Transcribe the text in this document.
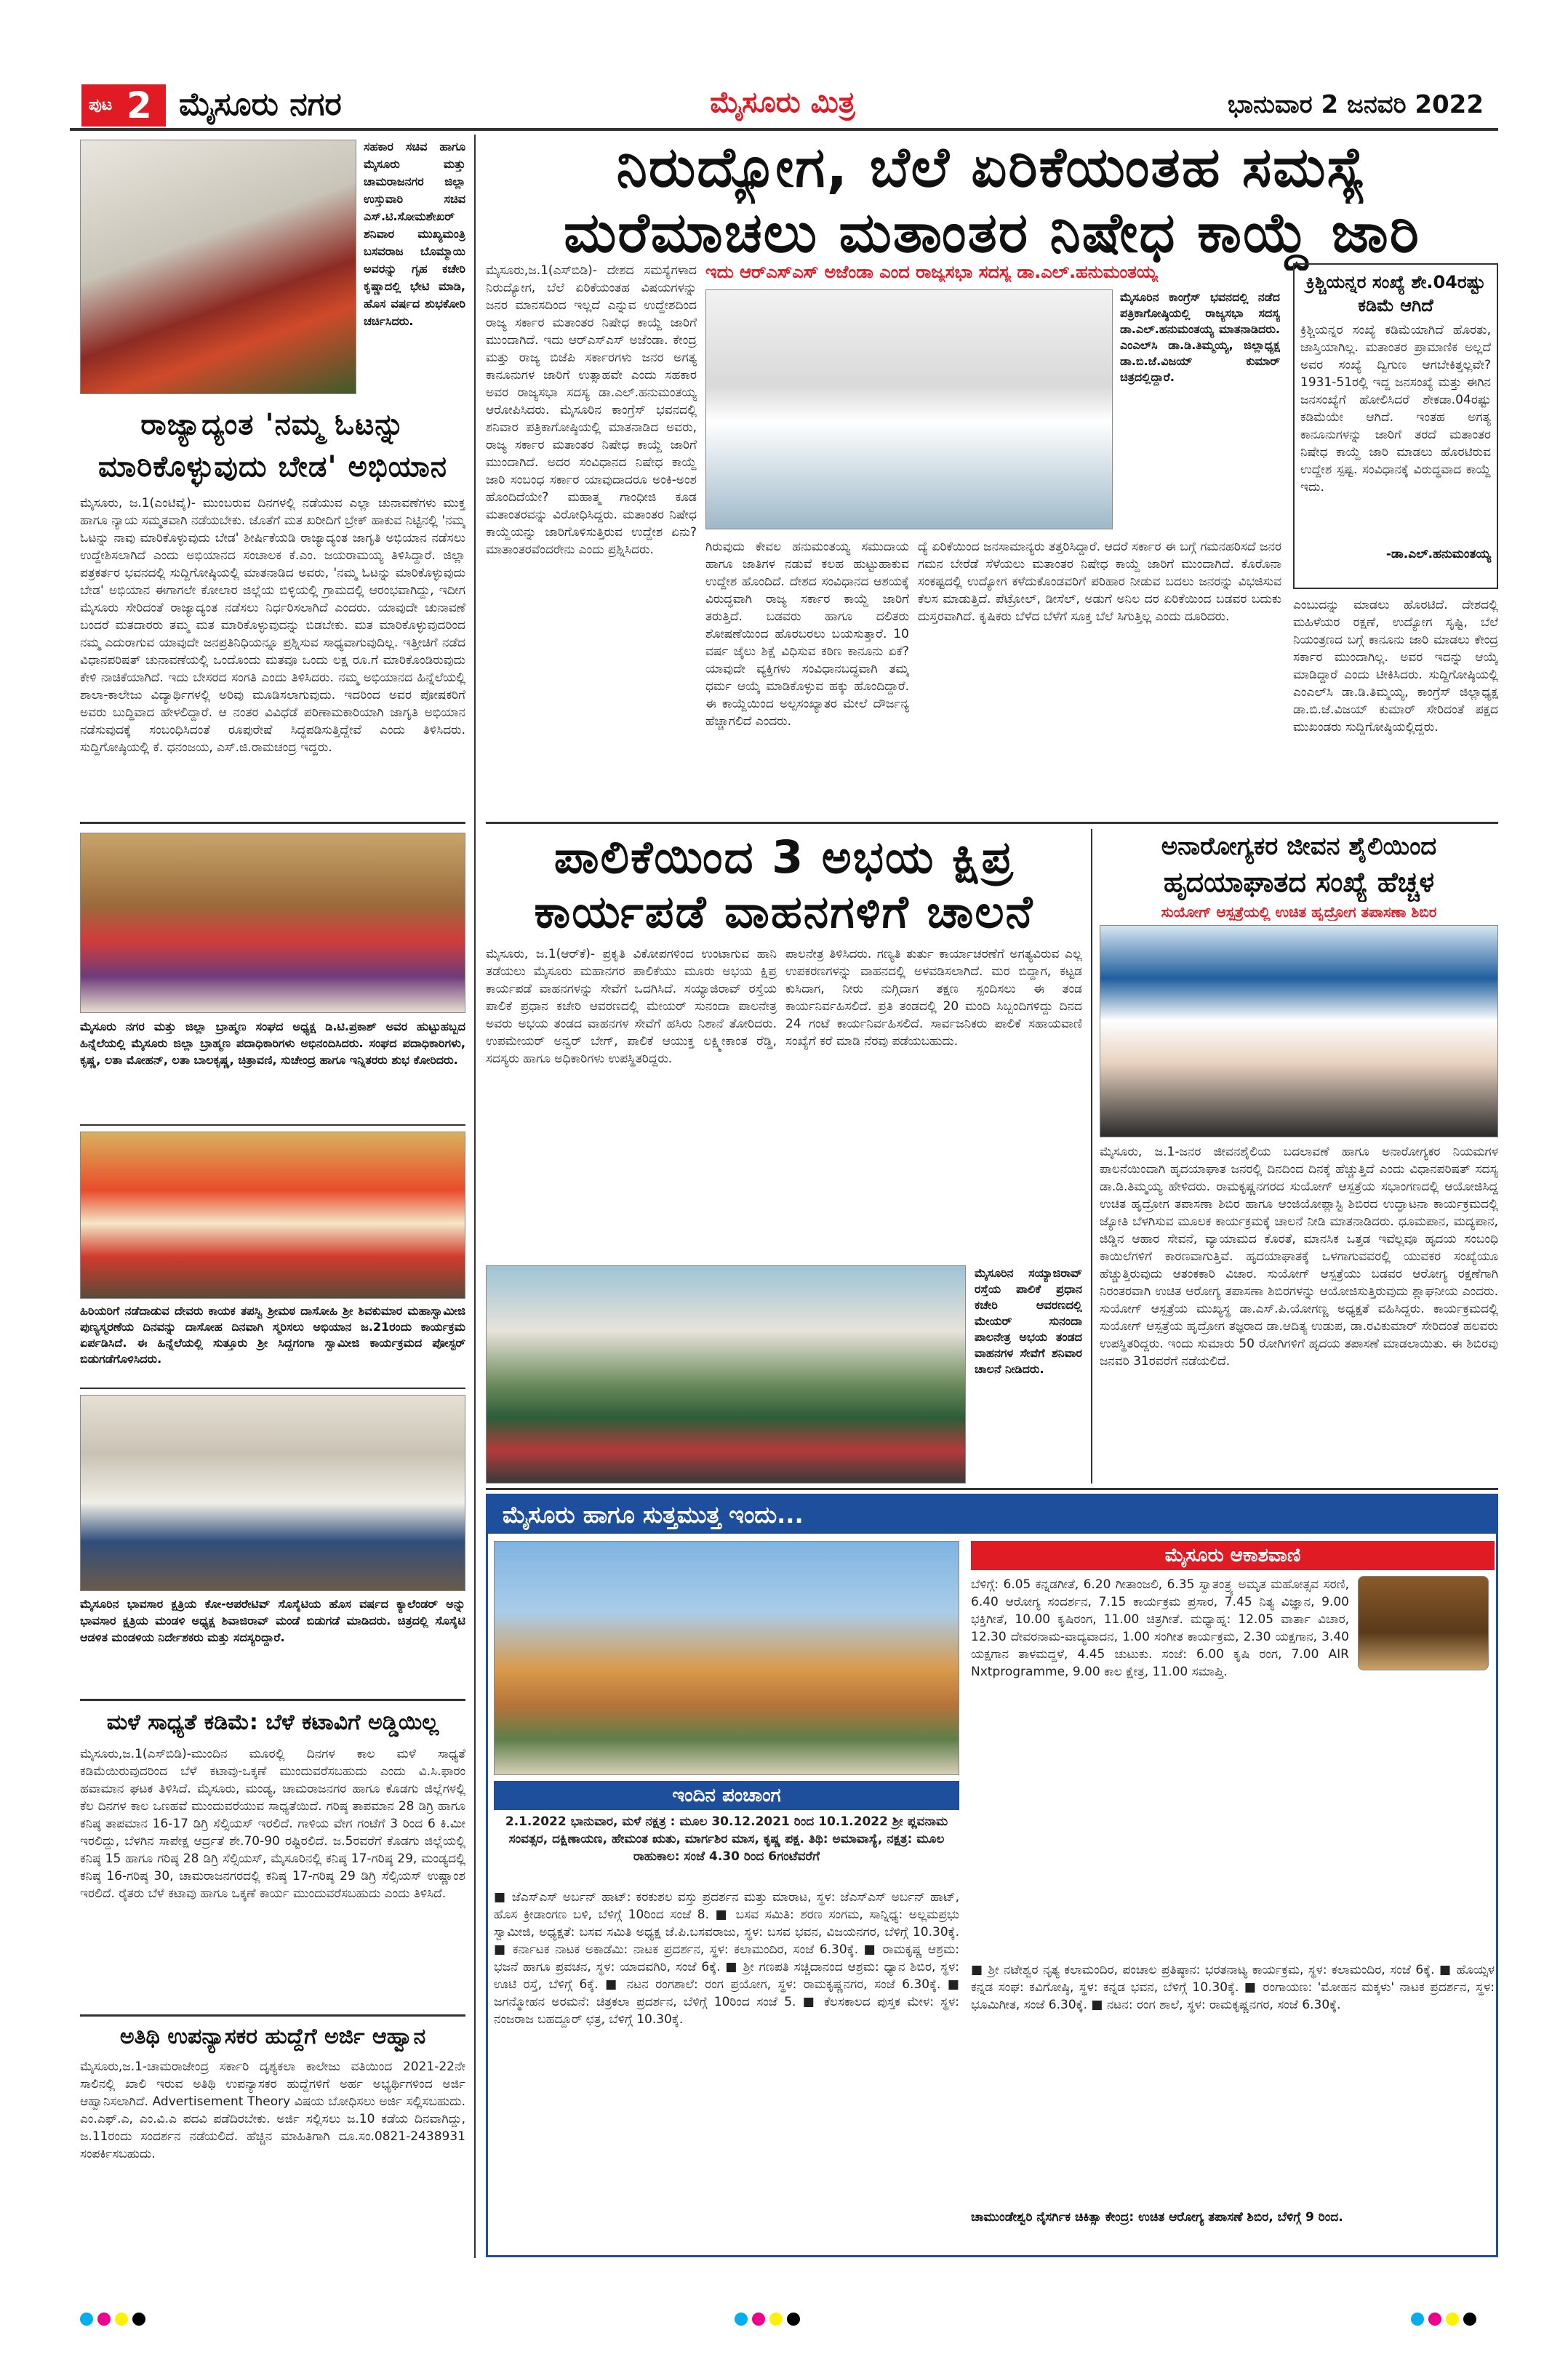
ಪುಟ 2 ಮೈಸೂರು ನಗರ	ಮೈಸೂರು ಮಿತ್ರ	ಭಾನುವಾರ 2 ಜನವರಿ 2022
ಸಹಕಾರ ಸಚಿವ ಹಾಗೂ ಮೈಸೂರು ಮತ್ತು ಚಾಮರಾಜನಗರ ಜಿಲ್ಲಾ ಉಸ್ತುವಾರಿ ಸಚಿವ ಎಸ್.ಟಿ.ಸೋಮಶೇಖರ್ ಶನಿವಾರ ಮುಖ್ಯಮಂತ್ರಿ ಬಸವರಾಜ ಬೊಮ್ಮಾಯಿ ಅವರನ್ನು ಗೃಹ ಕಚೇರಿ ಕೃಷ್ಣಾದಲ್ಲಿ ಭೇಟಿ ಮಾಡಿ, ಹೊಸ ವರ್ಷದ ಶುಭಕೋರಿ ಚರ್ಚಿಸಿದರು.
ರಾಜ್ಯಾದ್ಯಂತ 'ನಮ್ಮ ಓಟನ್ನು ಮಾರಿಕೊಳ್ಳುವುದು ಬೇಡ' ಅಭಿಯಾನ
ಮೈಸೂರು, ಜ.1(ಎಂಟಿವೈ)- ಮುಂಬರುವ ದಿನಗಳಲ್ಲಿ ನಡೆಯುವ ಎಲ್ಲಾ ಚುನಾವಣೆಗಳು ಮುಕ್ತ ಹಾಗೂ ನ್ಯಾಯ ಸಮ್ಮತವಾಗಿ ನಡೆಯಬೇಕು. ಜೊತೆಗೆ ಮತ ಖರೀದಿಗೆ ಬ್ರೇಕ್ ಹಾಕುವ ನಿಟ್ಟಿನಲ್ಲಿ 'ನಮ್ಮ ಓಟನ್ನು ನಾವು ಮಾರಿಕೊಳ್ಳುವುದು ಬೇಡ' ಶೀರ್ಷಿಕೆಯಡಿ ರಾಜ್ಯಾದ್ಯಂತ ಜಾಗೃತಿ ಅಭಿಯಾನ ನಡೆಸಲು ಉದ್ದೇಶಿಸಲಾಗಿದೆ ಎಂದು ಅಭಿಯಾನದ ಸಂಚಾಲಕ ಕೆ.ಎಂ. ಜಯರಾಮಯ್ಯ ತಿಳಿಸಿದ್ದಾರೆ. ಜಿಲ್ಲಾ ಪತ್ರಕರ್ತರ ಭವನದಲ್ಲಿ ಸುದ್ದಿಗೋಷ್ಠಿಯಲ್ಲಿ ಮಾತನಾಡಿದ ಅವರು, 'ನಮ್ಮ ಓಟನ್ನು ಮಾರಿಕೊಳ್ಳುವುದು ಬೇಡ' ಅಭಿಯಾನ ಈಗಾಗಲೇ ಕೋಲಾರ ಜಿಲ್ಲೆಯ ಬಿಳ್ಳಿಯಲ್ಲಿ ಗ್ರಾಮದಲ್ಲಿ ಆರಂಭವಾಗಿದ್ದು, ಇದೀಗ ಮೈಸೂರು ಸೇರಿದಂತೆ ರಾಜ್ಯಾದ್ಯಂತ ನಡೆಸಲು ನಿರ್ಧರಿಸಲಾಗಿದೆ ಎಂದರು. ಯಾವುದೇ ಚುನಾವಣೆ ಬಂದರೆ ಮತದಾರರು ತಮ್ಮ ಮತ ಮಾರಿಕೊಳ್ಳುವುದನ್ನು ಬಿಡಬೇಕು. ಮತ ಮಾರಿಕೊಳ್ಳುವುದರಿಂದ ನಮ್ಮ ಎದುರಾಗುವ ಯಾವುದೇ ಜನಪ್ರತಿನಿಧಿಯನ್ನೂ ಪ್ರಶ್ನಿಸುವ ಸಾಧ್ಯವಾಗುವುದಿಲ್ಲ. ಇತ್ತೀಚಿಗೆ ನಡೆದ ವಿಧಾನಪರಿಷತ್ ಚುನಾವಣೆಯಲ್ಲಿ ಒಂದೊಂದು ಮತವೂ ಒಂದು ಲಕ್ಷ ರೂ.ಗೆ ಮಾರಿಕೊಂಡಿರುವುದು ಕೇಳಿ ನಾಚಿಕೆಯಾಗಿದೆ. ಇದು ಬೇಸರದ ಸಂಗತಿ ಎಂದು ತಿಳಿಸಿದರು. ನಮ್ಮ ಅಭಿಯಾನದ ಹಿನ್ನೆಲೆಯಲ್ಲಿ ಶಾಲಾ-ಕಾಲೇಜು ವಿದ್ಯಾರ್ಥಿಗಳಲ್ಲಿ ಅರಿವು ಮೂಡಿಸಲಾಗುವುದು. ಇದರಿಂದ ಅವರ ಪೋಷಕರಿಗೆ ಅವರು ಬುದ್ಧಿವಾದ ಹೇಳಲಿದ್ದಾರೆ. ಆ ನಂತರ ವಿವಿಧೆಡೆ ಪರಿಣಾಮಕಾರಿಯಾಗಿ ಜಾಗೃತಿ ಅಭಿಯಾನ ನಡೆಸುವುದಕ್ಕೆ ಸಂಬಂಧಿಸಿದಂತೆ ರೂಪುರೇಷೆ ಸಿದ್ಧಪಡಿಸುತ್ತಿದ್ದೇವೆ ಎಂದು ತಿಳಿಸಿದರು. ಸುದ್ದಿಗೋಷ್ಠಿಯಲ್ಲಿ ಕೆ. ಧನಂಜಯ, ಎಸ್.ಜಿ.ರಾಮಚಂದ್ರ ಇದ್ದರು.
ನಿರುದ್ಯೋಗ, ಬೆಲೆ ಏರಿಕೆಯಂತಹ ಸಮಸ್ಯೆ
ಮರೆಮಾಚಲು ಮತಾಂತರ ನಿಷೇಧ ಕಾಯ್ದೆ ಜಾರಿ
ಇದು ಆರ್‌ಎಸ್‌ಎಸ್ ಅಜೆಂಡಾ ಎಂದ ರಾಜ್ಯಸಭಾ ಸದಸ್ಯ ಡಾ.ಎಲ್.ಹನುಮಂತಯ್ಯ
ಮೈಸೂರು,ಜ.1(ಎಸ್‌ಬಿಡಿ)- ದೇಶದ ಸಮಸ್ಯೆಗಳಾದ ನಿರುದ್ಯೋಗ, ಬೆಲೆ ಏರಿಕೆಯಂತಹ ವಿಷಯಗಳನ್ನು ಜನರ ಮಾನಸದಿಂದ ಇಲ್ಲದೆ ಎನ್ನುವ ಉದ್ದೇಶದಿಂದ ರಾಜ್ಯ ಸರ್ಕಾರ ಮತಾಂತರ ನಿಷೇಧ ಕಾಯ್ದೆ ಜಾರಿಗೆ ಮುಂದಾಗಿದೆ. ಇದು ಆರ್‌ಎಸ್‌ಎಸ್ ಅಜೆಂಡಾ. ಕೇಂದ್ರ ಮತ್ತು ರಾಜ್ಯ ಬಿಜೆಪಿ ಸರ್ಕಾರಗಳು ಜನರ ಅಗತ್ಯ ಕಾನೂನುಗಳ ಜಾರಿಗೆ ಉತ್ಸಾಹವೇ ಎಂದು ಸಹಕಾರ ಅವರ ರಾಜ್ಯಸಭಾ ಸದಸ್ಯ ಡಾ.ಎಲ್.ಹನುಮಂತಯ್ಯ ಆರೋಪಿಸಿದರು. ಮೈಸೂರಿನ ಕಾಂಗ್ರೆಸ್ ಭವನದಲ್ಲಿ ಶನಿವಾರ ಪತ್ರಿಕಾಗೋಷ್ಠಿಯಲ್ಲಿ ಮಾತನಾಡಿದ ಅವರು, ರಾಜ್ಯ ಸರ್ಕಾರ ಮತಾಂತರ ನಿಷೇಧ ಕಾಯ್ದೆ ಜಾರಿಗೆ ಮುಂದಾಗಿದೆ. ಅದರ ಸಂವಿಧಾನದ ನಿಷೇಧ ಕಾಯ್ದೆ ಜಾರಿ ಸಂಬಂಧ ಸರ್ಕಾರ ಯಾವುದಾದರೂ ಅಂಕಿ-ಅಂಶ ಹೊಂದಿದೆಯೇ? ಮಹಾತ್ಮ ಗಾಂಧೀಜಿ ಕೂಡ ಮತಾಂತರವನ್ನು ವಿರೋಧಿಸಿದ್ದರು. ಮತಾಂತರ ನಿಷೇಧ ಕಾಯ್ದೆಯನ್ನು ಜಾರಿಗೊಳಿಸುತ್ತಿರುವ ಉದ್ದೇಶ ಏನು? ಮಾತಾಂತರವೆಂದರೇನು ಎಂದು ಪ್ರಶ್ನಿಸಿದರು.
ಮೈಸೂರಿನ ಕಾಂಗ್ರೆಸ್ ಭವನದಲ್ಲಿ ನಡೆದ ಪತ್ರಿಕಾಗೋಷ್ಠಿಯಲ್ಲಿ ರಾಜ್ಯಸಭಾ ಸದಸ್ಯ ಡಾ.ಎಲ್.ಹನುಮಂತಯ್ಯ ಮಾತನಾಡಿದರು. ಎಂಎಲ್‌ಸಿ ಡಾ.ಡಿ.ತಿಮ್ಮಯ್ಯ, ಜಿಲ್ಲಾಧ್ಯಕ್ಷ ಡಾ.ಬಿ.ಜೆ.ವಿಜಯ್ ಕುಮಾರ್ ಚಿತ್ರದಲ್ಲಿದ್ದಾರೆ.
ಗಿರುವುದು ಕೇವಲ ಹನುಮಂತಯ್ಯ ಸಮುದಾಯ ಹಾಗೂ ಜಾತಿಗಳ ನಡುವೆ ಕಲಹ ಹುಟ್ಟುಹಾಕುವ ಉದ್ದೇಶ ಹೊಂದಿದೆ. ದೇಶದ ಸಂವಿಧಾನದ ಆಶಯಕ್ಕೆ ವಿರುದ್ಧವಾಗಿ ರಾಜ್ಯ ಸರ್ಕಾರ ಕಾಯ್ದೆ ಜಾರಿಗೆ ತರುತ್ತಿದೆ. ಬಡವರು ಹಾಗೂ ದಲಿತರು ಶೋಷಣೆಯಿಂದ ಹೊರಬರಲು ಬಯಸುತ್ತಾರೆ. 10 ವರ್ಷ ಜೈಲು ಶಿಕ್ಷೆ ವಿಧಿಸುವ ಕಠಿಣ ಕಾನೂನು ಏಕೆ? ಯಾವುದೇ ವ್ಯಕ್ತಿಗಳು ಸಂವಿಧಾನಬದ್ಧವಾಗಿ ತಮ್ಮ ಧರ್ಮ ಆಯ್ಕೆ ಮಾಡಿಕೊಳ್ಳುವ ಹಕ್ಕು ಹೊಂದಿದ್ದಾರೆ. ಈ ಕಾಯ್ದೆಯಿಂದ ಅಲ್ಪಸಂಖ್ಯಾತರ ಮೇಲೆ ದೌರ್ಜನ್ಯ ಹೆಚ್ಚಾಗಲಿದೆ ಎಂದರು.
ದ್ಯೆ ಏರಿಕೆಯಿಂದ ಜನಸಾಮಾನ್ಯರು ತತ್ತರಿಸಿದ್ದಾರೆ. ಆದರೆ ಸರ್ಕಾರ ಈ ಬಗ್ಗೆ ಗಮನಹರಿಸದೆ ಜನರ ಗಮನ ಬೇರೆಡೆ ಸೆಳೆಯಲು ಮತಾಂತರ ನಿಷೇಧ ಕಾಯ್ದೆ ಜಾರಿಗೆ ಮುಂದಾಗಿದೆ. ಕೊರೊನಾ ಸಂಕಷ್ಟದಲ್ಲಿ ಉದ್ಯೋಗ ಕಳೆದುಕೊಂಡವರಿಗೆ ಪರಿಹಾರ ನೀಡುವ ಬದಲು ಜನರನ್ನು ವಿಭಜಿಸುವ ಕೆಲಸ ಮಾಡುತ್ತಿದೆ. ಪೆಟ್ರೋಲ್, ಡೀಸೆಲ್, ಅಡುಗೆ ಅನಿಲ ದರ ಏರಿಕೆಯಿಂದ ಬಡವರ ಬದುಕು ದುಸ್ತರವಾಗಿದೆ. ಕೃಷಿಕರು ಬೆಳೆದ ಬೆಳೆಗೆ ಸೂಕ್ತ ಬೆಲೆ ಸಿಗುತ್ತಿಲ್ಲ ಎಂದು ದೂರಿದರು.
ಕ್ರಿಶ್ಚಿಯನ್ನರ ಸಂಖ್ಯೆ ಶೇ.04ರಷ್ಟು ಕಡಿಮೆ ಆಗಿದೆ
ಕ್ರಿಶ್ಚಿಯನ್ನರ ಸಂಖ್ಯೆ ಕಡಿಮೆಯಾಗಿದೆ ಹೊರತು, ಜಾಸ್ತಿಯಾಗಿಲ್ಲ. ಮತಾಂತರ ಪ್ರಾಮಾಣಿಕ ಅಲ್ಲದೆ ಅವರ ಸಂಖ್ಯೆ ದ್ವಿಗುಣ ಆಗಬೇಕಿತ್ತಲ್ಲವೇ? 1931-51ರಲ್ಲಿ ಇದ್ದ ಜನಸಂಖ್ಯೆ ಮತ್ತು ಈಗಿನ ಜನಸಂಖ್ಯೆಗೆ ಹೋಲಿಸಿದರೆ ಶೇಕಡಾ.04ರಷ್ಟು ಕಡಿಮೆಯೇ ಆಗಿದೆ. ಇಂತಹ ಅಗತ್ಯ ಕಾನೂನುಗಳನ್ನು ಜಾರಿಗೆ ತರದೆ ಮತಾಂತರ ನಿಷೇಧ ಕಾಯ್ದೆ ಜಾರಿ ಮಾಡಲು ಹೊರಟಿರುವ ಉದ್ದೇಶ ಸ್ಪಷ್ಟ. ಸಂವಿಧಾನಕ್ಕೆ ವಿರುದ್ಧವಾದ ಕಾಯ್ದೆ ಇದು.
-ಡಾ.ಎಲ್.ಹನುಮಂತಯ್ಯ
ಎಂಬುದನ್ನು ಮಾಡಲು ಹೊರಟಿದೆ. ದೇಶದಲ್ಲಿ ಮಹಿಳೆಯರ ರಕ್ಷಣೆ, ಉದ್ಯೋಗ ಸೃಷ್ಟಿ, ಬೆಲೆ ನಿಯಂತ್ರಣದ ಬಗ್ಗೆ ಕಾನೂನು ಜಾರಿ ಮಾಡಲು ಕೇಂದ್ರ ಸರ್ಕಾರ ಮುಂದಾಗಿಲ್ಲ. ಅವರ ಇದನ್ನು ಆಯ್ಕೆ ಮಾಡಿದ್ದಾರೆ ಎಂದು ಟೀಕಿಸಿದರು. ಸುದ್ದಿಗೋಷ್ಠಿಯಲ್ಲಿ ಎಂಎಲ್‌ಸಿ ಡಾ.ಡಿ.ತಿಮ್ಮಯ್ಯ, ಕಾಂಗ್ರೆಸ್ ಜಿಲ್ಲಾಧ್ಯಕ್ಷ ಡಾ.ಬಿ.ಜೆ.ವಿಜಯ್ ಕುಮಾರ್ ಸೇರಿದಂತೆ ಪಕ್ಷದ ಮುಖಂಡರು ಸುದ್ದಿಗೋಷ್ಠಿಯಲ್ಲಿದ್ದರು.
ಮೈಸೂರು ನಗರ ಮತ್ತು ಜಿಲ್ಲಾ ಬ್ರಾಹ್ಮಣ ಸಂಘದ ಅಧ್ಯಕ್ಷ ಡಿ.ಟಿ.ಪ್ರಕಾಶ್ ಅವರ ಹುಟ್ಟುಹಬ್ಬದ ಹಿನ್ನೆಲೆಯಲ್ಲಿ ಮೈಸೂರು ಜಿಲ್ಲಾ ಬ್ರಾಹ್ಮಣ ಪದಾಧಿಕಾರಿಗಳು ಅಭಿನಂದಿಸಿದರು. ಸಂಘದ ಪದಾಧಿಕಾರಿಗಳು, ಕೃಷ್ಣ, ಲತಾ ಮೋಹನ್, ಲತಾ ಬಾಲಕೃಷ್ಣ, ಚಿತ್ರಾವಣಿ, ಸುಚೇಂದ್ರ ಹಾಗೂ ಇನ್ನಿತರರು ಶುಭ ಕೋರಿದರು.
ಹಿರಿಯರಿಗೆ ನಡೆದಾಡುವ ದೇವರು ಕಾಯಕ ತಪಸ್ವಿ ಶ್ರೀಮಠ ದಾಸೋಹಿ ಶ್ರೀ ಶಿವಕುಮಾರ ಮಹಾಸ್ವಾಮೀಜಿ ಪುಣ್ಯಸ್ಮರಣೆಯ ದಿನವನ್ನು ದಾಸೋಹ ದಿನವಾಗಿ ಸ್ಮರಿಸಲು ಅಭಿಯಾನ ಜ.21ರಂದು ಕಾರ್ಯಕ್ರಮ ಏರ್ಪಡಿಸಿದೆ. ಈ ಹಿನ್ನೆಲೆಯಲ್ಲಿ ಸುತ್ತೂರು ಶ್ರೀ ಸಿದ್ದಗಂಗಾ ಸ್ವಾಮೀಜಿ ಕಾರ್ಯಕ್ರಮದ ಪೋಸ್ಟರ್ ಬಿಡುಗಡೆಗೊಳಿಸಿದರು.
ಮೈಸೂರಿನ ಭಾವಸಾರ ಕ್ಷತ್ರಿಯ ಕೋ-ಆಪರೇಟಿವ್ ಸೊಸೈಟಿಯ ಹೊಸ ವರ್ಷದ ಕ್ಯಾಲೆಂಡರ್ ಅನ್ನು ಭಾವಸಾರ ಕ್ಷತ್ರಿಯ ಮಂಡಳಿ ಅಧ್ಯಕ್ಷ ಶಿವಾಜಿರಾವ್ ಮಂಡೆ ಬಿಡುಗಡೆ ಮಾಡಿದರು. ಚಿತ್ರದಲ್ಲಿ ಸೊಸೈಟಿ ಆಡಳಿತ ಮಂಡಳಿಯ ನಿರ್ದೇಶಕರು ಮತ್ತು ಸದಸ್ಯರಿದ್ದಾರೆ.
ಮಳೆ ಸಾಧ್ಯತೆ ಕಡಿಮೆ: ಬೆಳೆ ಕಟಾವಿಗೆ ಅಡ್ಡಿಯಿಲ್ಲ
ಮೈಸೂರು,ಜ.1(ಎಸ್‌ಬಿಡಿ)-ಮುಂದಿನ ಮೂರಲ್ಲಿ ದಿನಗಳ ಕಾಲ ಮಳೆ ಸಾಧ್ಯತೆ ಕಡಿಮೆಯಿರುವುದರಿಂದ ಬೆಳೆ ಕಟಾವು-ಒಕ್ಕಣೆ ಮುಂದುವರೆಸಬಹುದು ಎಂದು ವಿ.ಸಿ.ಫಾರಂ ಹವಾಮಾನ ಘಟಕ ತಿಳಿಸಿದೆ. ಮೈಸೂರು, ಮಂಡ್ಯ, ಚಾಮರಾಜನಗರ ಹಾಗೂ ಕೊಡಗು ಜಿಲ್ಲೆಗಳಲ್ಲಿ ಕೆಲ ದಿನಗಳ ಕಾಲ ಒಣಹವೆ ಮುಂದುವರೆಯುವ ಸಾಧ್ಯತೆಯಿದೆ. ಗರಿಷ್ಠ ತಾಪಮಾನ 28 ಡಿಗ್ರಿ ಹಾಗೂ ಕನಿಷ್ಠ ತಾಪಮಾನ 16-17 ಡಿಗ್ರಿ ಸೆಲ್ಸಿಯಸ್ ಇರಲಿದೆ. ಗಾಳಿಯ ವೇಗ ಗಂಟೆಗೆ 3 ರಿಂದ 6 ಕಿ.ಮೀ ಇರಲಿದ್ದು, ಬೆಳಗಿನ ಸಾಪೇಕ್ಷ ಆರ್ದ್ರತೆ ಶೇ.70-90 ರಷ್ಟಿರಲಿದೆ. ಜ.5ರವರೆಗೆ ಕೊಡಗು ಜಿಲ್ಲೆಯಲ್ಲಿ ಕನಿಷ್ಠ 15 ಹಾಗೂ ಗರಿಷ್ಠ 28 ಡಿಗ್ರಿ ಸೆಲ್ಸಿಯಸ್, ಮೈಸೂರಿನಲ್ಲಿ ಕನಿಷ್ಠ 17-ಗರಿಷ್ಠ 29, ಮಂಡ್ಯದಲ್ಲಿ ಕನಿಷ್ಠ 16-ಗರಿಷ್ಠ 30, ಚಾಮರಾಜನಗರದಲ್ಲಿ ಕನಿಷ್ಠ 17-ಗರಿಷ್ಠ 29 ಡಿಗ್ರಿ ಸೆಲ್ಸಿಯಸ್ ಉಷ್ಣಾಂಶ ಇರಲಿದೆ. ರೈತರು ಬೆಳೆ ಕಟಾವು ಹಾಗೂ ಒಕ್ಕಣೆ ಕಾರ್ಯ ಮುಂದುವರೆಸಬಹುದು ಎಂದು ತಿಳಿಸಿದೆ.
ಅತಿಥಿ ಉಪನ್ಯಾಸಕರ ಹುದ್ದೆಗೆ ಅರ್ಜಿ ಆಹ್ವಾನ
ಮೈಸೂರು,ಜ.1-ಚಾಮರಾಜೇಂದ್ರ ಸರ್ಕಾರಿ ದೃಶ್ಯಕಲಾ ಕಾಲೇಜು ವತಿಯಿಂದ 2021-22ನೇ ಸಾಲಿನಲ್ಲಿ ಖಾಲಿ ಇರುವ ಅತಿಥಿ ಉಪನ್ಯಾಸಕರ ಹುದ್ದೆಗಳಿಗೆ ಅರ್ಹ ಅಭ್ಯರ್ಥಿಗಳಿಂದ ಅರ್ಜಿ ಆಹ್ವಾನಿಸಲಾಗಿದೆ. Advertisement Theory ವಿಷಯ ಬೋಧಿಸಲು ಅರ್ಜಿ ಸಲ್ಲಿಸಬಹುದು. ಎಂ.ಎಫ್.ಎ, ಎಂ.ವಿ.ಎ ಪದವಿ ಪಡೆದಿರಬೇಕು. ಅರ್ಜಿ ಸಲ್ಲಿಸಲು ಜ.10 ಕಡೆಯ ದಿನವಾಗಿದ್ದು, ಜ.11ರಂದು ಸಂದರ್ಶನ ನಡೆಯಲಿದೆ. ಹೆಚ್ಚಿನ ಮಾಹಿತಿಗಾಗಿ ದೂ.ಸಂ.0821-2438931 ಸಂಪರ್ಕಿಸಬಹುದು.
ಪಾಲಿಕೆಯಿಂದ 3 ಅಭಯ ಕ್ಷಿಪ್ರ
ಕಾರ್ಯಪಡೆ ವಾಹನಗಳಿಗೆ ಚಾಲನೆ
ಮೈಸೂರು, ಜ.1(ಆರ್‌ಕೆ)- ಪ್ರಕೃತಿ ವಿಕೋಪಗಳಿಂದ ಉಂಟಾಗುವ ಹಾನಿ ತಡೆಯಲು ಮೈಸೂರು ಮಹಾನಗರ ಪಾಲಿಕೆಯು ಮೂರು ಅಭಯ ಕ್ಷಿಪ್ರ ಕಾರ್ಯಪಡೆ ವಾಹನಗಳನ್ನು ಸೇವೆಗೆ ಒದಗಿಸಿದೆ. ಸಯ್ಯಾಜಿರಾವ್ ರಸ್ತೆಯ ಪಾಲಿಕೆ ಪ್ರಧಾನ ಕಚೇರಿ ಆವರಣದಲ್ಲಿ ಮೇಯರ್ ಸುನಂದಾ ಪಾಲನೇತ್ರ ಅವರು ಅಭಯ ತಂಡದ ವಾಹನಗಳ ಸೇವೆಗೆ ಹಸಿರು ನಿಶಾನೆ ತೋರಿದರು. ಉಪಮೇಯರ್ ಅನ್ವರ್ ಬೇಗ್, ಪಾಲಿಕೆ ಆಯುಕ್ತ ಲಕ್ಷ್ಮೀಕಾಂತ ರೆಡ್ಡಿ, ಸದಸ್ಯರು ಹಾಗೂ ಅಧಿಕಾರಿಗಳು ಉಪಸ್ಥಿತರಿದ್ದರು.
ಪಾಲನೇತ್ರ ತಿಳಿಸಿದರು. ಗಣ್ಯತಿ ತುರ್ತು ಕಾರ್ಯಾಚರಣೆಗೆ ಅಗತ್ಯವಿರುವ ಎಲ್ಲ ಉಪಕರಣಗಳನ್ನು ವಾಹನದಲ್ಲಿ ಅಳವಡಿಸಲಾಗಿದೆ. ಮರ ಬಿದ್ದಾಗ, ಕಟ್ಟಡ ಕುಸಿದಾಗ, ನೀರು ನುಗ್ಗಿದಾಗ ತಕ್ಷಣ ಸ್ಪಂದಿಸಲು ಈ ತಂಡ ಕಾರ್ಯನಿರ್ವಹಿಸಲಿದೆ. ಪ್ರತಿ ತಂಡದಲ್ಲಿ 20 ಮಂದಿ ಸಿಬ್ಬಂದಿಗಳಿದ್ದು ದಿನದ 24 ಗಂಟೆ ಕಾರ್ಯನಿರ್ವಹಿಸಲಿದೆ. ಸಾರ್ವಜನಿಕರು ಪಾಲಿಕೆ ಸಹಾಯವಾಣಿ ಸಂಖ್ಯೆಗೆ ಕರೆ ಮಾಡಿ ನೆರವು ಪಡೆಯಬಹುದು.
ಮೈಸೂರಿನ ಸಯ್ಯಾಜಿರಾವ್ ರಸ್ತೆಯ ಪಾಲಿಕೆ ಪ್ರಧಾನ ಕಚೇರಿ ಆವರಣದಲ್ಲಿ ಮೇಯರ್ ಸುನಂದಾ ಪಾಲನೇತ್ರ ಅಭಯ ತಂಡದ ವಾಹನಗಳ ಸೇವೆಗೆ ಶನಿವಾರ ಚಾಲನೆ ನೀಡಿದರು.
ಅನಾರೋಗ್ಯಕರ ಜೀವನ ಶೈಲಿಯಿಂದ
ಹೃದಯಾಘಾತದ ಸಂಖ್ಯೆ ಹೆಚ್ಚಳ
ಸುಯೋಗ್ ಆಸ್ಪತ್ರೆಯಲ್ಲಿ ಉಚಿತ ಹೃದ್ರೋಗ ತಪಾಸಣಾ ಶಿಬಿರ
ಮೈಸೂರು, ಜ.1-ಜನರ ಜೀವನಶೈಲಿಯ ಬದಲಾವಣೆ ಹಾಗೂ ಅನಾರೋಗ್ಯಕರ ನಿಯಮಗಳ ಪಾಲನೆಯಿಂದಾಗಿ ಹೃದಯಾಘಾತ ಜನರಲ್ಲಿ ದಿನದಿಂದ ದಿನಕ್ಕೆ ಹೆಚ್ಚುತ್ತಿದೆ ಎಂದು ವಿಧಾನಪರಿಷತ್ ಸದಸ್ಯ ಡಾ.ಡಿ.ತಿಮ್ಮಯ್ಯ ಹೇಳಿದರು. ರಾಮಕೃಷ್ಣನಗರದ ಸುಯೋಗ್ ಆಸ್ಪತ್ರೆಯ ಸಭಾಂಗಣದಲ್ಲಿ ಆಯೋಜಿಸಿದ್ದ ಉಚಿತ ಹೃದ್ರೋಗ ತಪಾಸಣಾ ಶಿಬಿರ ಹಾಗೂ ಆಂಜಿಯೋಪ್ಲಾಸ್ಟಿ ಶಿಬಿರದ ಉದ್ಘಾಟನಾ ಕಾರ್ಯಕ್ರಮದಲ್ಲಿ ಜ್ಯೋತಿ ಬೆಳಗಿಸುವ ಮೂಲಕ ಕಾರ್ಯಕ್ರಮಕ್ಕೆ ಚಾಲನೆ ನೀಡಿ ಮಾತನಾಡಿದರು. ಧೂಮಪಾನ, ಮದ್ಯಪಾನ, ಜಿಡ್ಡಿನ ಆಹಾರ ಸೇವನೆ, ವ್ಯಾಯಾಮದ ಕೊರತೆ, ಮಾನಸಿಕ ಒತ್ತಡ ಇವೆಲ್ಲವೂ ಹೃದಯ ಸಂಬಂಧಿ ಕಾಯಿಲೆಗಳಿಗೆ ಕಾರಣವಾಗುತ್ತಿವೆ. ಹೃದಯಾಘಾತಕ್ಕೆ ಒಳಗಾಗುವವರಲ್ಲಿ ಯುವಕರ ಸಂಖ್ಯೆಯೂ ಹೆಚ್ಚುತ್ತಿರುವುದು ಆತಂಕಕಾರಿ ವಿಚಾರ. ಸುಯೋಗ್ ಆಸ್ಪತ್ರೆಯು ಬಡವರ ಆರೋಗ್ಯ ರಕ್ಷಣೆಗಾಗಿ ನಿರಂತರವಾಗಿ ಉಚಿತ ಆರೋಗ್ಯ ತಪಾಸಣಾ ಶಿಬಿರಗಳನ್ನು ಆಯೋಜಿಸುತ್ತಿರುವುದು ಶ್ಲಾಘನೀಯ ಎಂದರು. ಸುಯೋಗ್ ಆಸ್ಪತ್ರೆಯ ಮುಖ್ಯಸ್ಥ ಡಾ.ಎಸ್.ಪಿ.ಯೋಗಣ್ಣ ಅಧ್ಯಕ್ಷತೆ ವಹಿಸಿದ್ದರು. ಕಾರ್ಯಕ್ರಮದಲ್ಲಿ ಸುಯೋಗ್ ಆಸ್ಪತ್ರೆಯ ಹೃದ್ರೋಗ ತಜ್ಞರಾದ ಡಾ.ಆದಿತ್ಯ ಉಡುಪ, ಡಾ.ರವಿಕುಮಾರ್ ಸೇರಿದಂತೆ ಹಲವರು ಉಪಸ್ಥಿತರಿದ್ದರು. ಇಂದು ಸುಮಾರು 50 ರೋಗಿಗಳಿಗೆ ಹೃದಯ ತಪಾಸಣೆ ಮಾಡಲಾಯಿತು. ಈ ಶಿಬಿರವು ಜನವರಿ 31ರವರೆಗೆ ನಡೆಯಲಿದೆ.
ಮೈಸೂರು ಹಾಗೂ ಸುತ್ತಮುತ್ತ ಇಂದು...
ಇಂದಿನ ಪಂಚಾಂಗ
2.1.2022 ಭಾನುವಾರ, ಮಳೆ ನಕ್ಷತ್ರ : ಮೂಲ 30.12.2021 ರಿಂದ 10.1.2022 ಶ್ರೀ ಪ್ಲವನಾಮ ಸಂವತ್ಸರ, ದಕ್ಷಿಣಾಯಣ, ಹೇಮಂತ ಋತು, ಮಾರ್ಗಶಿರ ಮಾಸ, ಕೃಷ್ಣ ಪಕ್ಷ. ತಿಥಿ: ಅಮಾವಾಸ್ಯೆ, ನಕ್ಷತ್ರ: ಮೂಲ ರಾಹುಕಾಲ: ಸಂಜೆ 4.30 ರಿಂದ 6ಗಂಟೆವರೆಗೆ
■ ಜೆಎಸ್‌ಎಸ್ ಅರ್ಬನ್ ಹಾಟ್: ಕರಕುಶಲ ವಸ್ತು ಪ್ರದರ್ಶನ ಮತ್ತು ಮಾರಾಟ, ಸ್ಥಳ: ಜೆಎಸ್‌ಎಸ್ ಅರ್ಬನ್ ಹಾಟ್, ಹೊಸ ಕ್ರೀಡಾಂಗಣ ಬಳಿ, ಬೆಳಿಗ್ಗೆ 10ರಿಂದ ಸಂಜೆ 8. ■ ಬಸವ ಸಮಿತಿ: ಶರಣ ಸಂಗಮ, ಸಾನ್ನಿಧ್ಯ: ಅಲ್ಲಮಪ್ರಭು ಸ್ವಾಮೀಜಿ, ಅಧ್ಯಕ್ಷತೆ: ಬಸವ ಸಮಿತಿ ಅಧ್ಯಕ್ಷ ಜೆ.ಪಿ.ಬಸವರಾಜು, ಸ್ಥಳ: ಬಸವ ಭವನ, ವಿಜಯನಗರ, ಬೆಳಿಗ್ಗೆ 10.30ಕ್ಕೆ. ■ ಕರ್ನಾಟಕ ನಾಟಕ ಅಕಾಡೆಮಿ: ನಾಟಕ ಪ್ರದರ್ಶನ, ಸ್ಥಳ: ಕಲಾಮಂದಿರ, ಸಂಜೆ 6.30ಕ್ಕೆ. ■ ರಾಮಕೃಷ್ಣ ಆಶ್ರಮ: ಭಜನೆ ಹಾಗೂ ಪ್ರವಚನ, ಸ್ಥಳ: ಯಾದವಗಿರಿ, ಸಂಜೆ 6ಕ್ಕೆ. ■ ಶ್ರೀ ಗಣಪತಿ ಸಚ್ಚಿದಾನಂದ ಆಶ್ರಮ: ಧ್ಯಾನ ಶಿಬಿರ, ಸ್ಥಳ: ಊಟಿ ರಸ್ತೆ, ಬೆಳಿಗ್ಗೆ 6ಕ್ಕೆ. ■ ನಟನ ರಂಗಶಾಲೆ: ರಂಗ ಪ್ರಯೋಗ, ಸ್ಥಳ: ರಾಮಕೃಷ್ಣನಗರ, ಸಂಜೆ 6.30ಕ್ಕೆ. ■ ಜಗನ್ಮೋಹನ ಅರಮನೆ: ಚಿತ್ರಕಲಾ ಪ್ರದರ್ಶನ, ಬೆಳಿಗ್ಗೆ 10ರಿಂದ ಸಂಜೆ 5. ■ ಕೆಲಸಕಾಲದ ಪುಸ್ತಕ ಮೇಳ: ಸ್ಥಳ: ನಂಜರಾಜ ಬಹದ್ದೂರ್ ಛತ್ರ, ಬೆಳಿಗ್ಗೆ 10.30ಕ್ಕೆ.
ಮೈಸೂರು ಆಕಾಶವಾಣಿ
ಬೆಳಿಗ್ಗೆ: 6.05 ಕನ್ನಡಗೀತೆ, 6.20 ಗೀತಾಂಜಲಿ, 6.35 ಸ್ವಾತಂತ್ರ್ಯ ಅಮೃತ ಮಹೋತ್ಸವ ಸರಣಿ, 6.40 ಆರೋಗ್ಯ ಸಂದರ್ಶನ, 7.15 ಕಾರ್ಯಕ್ರಮ ಪ್ರಸಾರ, 7.45 ನಿತ್ಯ ವಿಜ್ಞಾನ, 9.00 ಭಕ್ತಿಗೀತೆ, 10.00 ಕೃಷಿರಂಗ, 11.00 ಚಿತ್ರಗೀತೆ. ಮಧ್ಯಾಹ್ನ: 12.05 ವಾರ್ತಾ ವಿಚಾರ, 12.30 ದೇವರನಾಮ-ವಾದ್ಯವಾದನ, 1.00 ಸಂಗೀತ ಕಾರ್ಯಕ್ರಮ, 2.30 ಯಕ್ಷಗಾನ, 3.40 ಯಕ್ಷಗಾನ ತಾಳಮದ್ದಳೆ, 4.45 ಚುಟುಕು. ಸಂಜೆ: 6.00 ಕೃಷಿ ರಂಗ, 7.00 AIR Nxtprogramme, 9.00 ಕಾಲ ಕ್ಷೇತ್ರ, 11.00 ಸಮಾಪ್ತಿ.
■ ಶ್ರೀ ನಟೇಶ್ವರ ನೃತ್ಯ ಕಲಾಮಂದಿರ, ಪಂಚಾಲ ಪ್ರತಿಷ್ಠಾನ: ಭರತನಾಟ್ಯ ಕಾರ್ಯಕ್ರಮ, ಸ್ಥಳ: ಕಲಾಮಂದಿರ, ಸಂಜೆ 6ಕ್ಕೆ. ■ ಹೊಯ್ಸಳ ಕನ್ನಡ ಸಂಘ: ಕವಿಗೋಷ್ಠಿ, ಸ್ಥಳ: ಕನ್ನಡ ಭವನ, ಬೆಳಿಗ್ಗೆ 10.30ಕ್ಕೆ. ■ ರಂಗಾಯಣ: 'ಮೋಹನ ಮಕ್ಕಳು' ನಾಟಕ ಪ್ರದರ್ಶನ, ಸ್ಥಳ: ಭೂಮಿಗೀತ, ಸಂಜೆ 6.30ಕ್ಕೆ. ■ ನಟನ: ರಂಗ ಶಾಲೆ, ಸ್ಥಳ: ರಾಮಕೃಷ್ಣನಗರ, ಸಂಜೆ 6.30ಕ್ಕೆ.
ಚಾಮುಂಡೇಶ್ವರಿ ನೈಸರ್ಗಿಕ ಚಿಕಿತ್ಸಾ ಕೇಂದ್ರ: ಉಚಿತ ಆರೋಗ್ಯ ತಪಾಸಣೆ ಶಿಬಿರ, ಬೆಳಿಗ್ಗೆ 9 ರಿಂದ.
